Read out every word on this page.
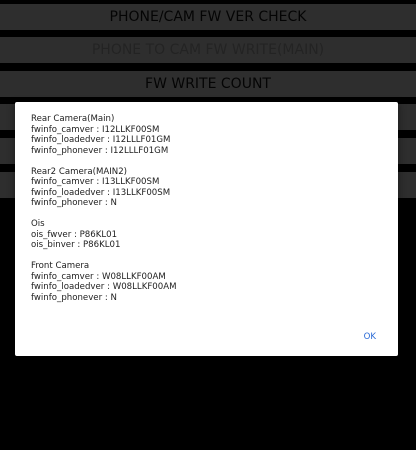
Rear Camera(Main)
fwinfo_camver : I12LLKF00SM
fwinfo_loadedver : I12LLLF01GM
fwinfo_phonever : I12LLLF01GM
Rear2 Camera(MAIN2)
fwinfo_camver : I13LLKF00SM
fwinfo_loadedver : I13LLKF00SM
fwinfo_phonever : N
Ois
ois_fwver : P86KL01
ois_binver : P86KL01
Front Camera
fwinfo_camver : W08LLKF00AM
fwinfo_loadedver : W08LLKF00AM
fwinfo_phonever : N
OK
